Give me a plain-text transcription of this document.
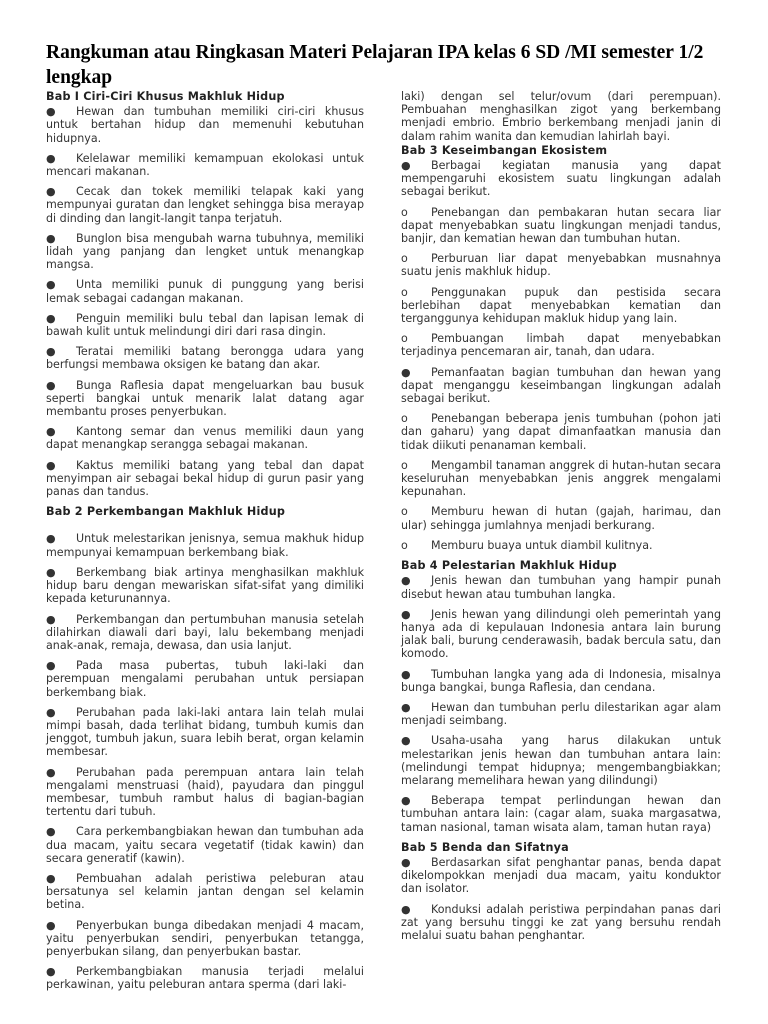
Rangkuman atau Ringkasan Materi Pelajaran IPA kelas 6 SD /MI semester 1/2 lengkap
Bab I Ciri-Ciri Khusus Makhluk Hidup
● Hewan dan tumbuhan memiliki ciri-ciri khusus untuk bertahan hidup dan memenuhi kebutuhan hidupnya.
● Kelelawar memiliki kemampuan ekolokasi untuk mencari makanan.
● Cecak dan tokek memiliki telapak kaki yang mempunyai guratan dan lengket sehingga bisa merayap di dinding dan langit-langit tanpa terjatuh.
● Bunglon bisa mengubah warna tubuhnya, memiliki lidah yang panjang dan lengket untuk menangkap mangsa.
● Unta memiliki punuk di punggung yang berisi lemak sebagai cadangan makanan.
● Penguin memiliki bulu tebal dan lapisan lemak di bawah kulit untuk melindungi diri dari rasa dingin.
● Teratai memiliki batang berongga udara yang berfungsi membawa oksigen ke batang dan akar.
● Bunga Raflesia dapat mengeluarkan bau busuk seperti bangkai untuk menarik lalat datang agar membantu proses penyerbukan.
● Kantong semar dan venus memiliki daun yang dapat menangkap serangga sebagai makanan.
● Kaktus memiliki batang yang tebal dan dapat menyimpan air sebagai bekal hidup di gurun pasir yang panas dan tandus.
Bab 2 Perkembangan Makhluk Hidup
● Untuk melestarikan jenisnya, semua makhuk hidup mempunyai kemampuan berkembang biak.
● Berkembang biak artinya menghasilkan makhluk hidup baru dengan mewariskan sifat-sifat yang dimiliki kepada keturunannya.
● Perkembangan dan pertumbuhan manusia setelah dilahirkan diawali dari bayi, lalu bekembang menjadi anak-anak, remaja, dewasa, dan usia lanjut.
● Pada masa pubertas, tubuh laki-laki dan perempuan mengalami perubahan untuk persiapan berkembang biak.
● Perubahan pada laki-laki antara lain telah mulai mimpi basah, dada terlihat bidang, tumbuh kumis dan jenggot, tumbuh jakun, suara lebih berat, organ kelamin membesar.
● Perubahan pada perempuan antara lain telah mengalami menstruasi (haid), payudara dan pinggul membesar, tumbuh rambut halus di bagian-bagian tertentu dari tubuh.
● Cara perkembangbiakan hewan dan tumbuhan ada dua macam, yaitu secara vegetatif (tidak kawin) dan secara generatif (kawin).
● Pembuahan adalah peristiwa peleburan atau bersatunya sel kelamin jantan dengan sel kelamin betina.
● Penyerbukan bunga dibedakan menjadi 4 macam, yaitu penyerbukan sendiri, penyerbukan tetangga, penyerbukan silang, dan penyerbukan bastar.
● Perkembangbiakan manusia terjadi melalui perkawinan, yaitu peleburan antara sperma (dari laki-
laki) dengan sel telur/ovum (dari perempuan). Pembuahan menghasilkan zigot yang berkembang menjadi embrio. Embrio berkembang menjadi janin di dalam rahim wanita dan kemudian lahirlah bayi.
Bab 3 Keseimbangan Ekosistem
● Berbagai kegiatan manusia yang dapat mempengaruhi ekosistem suatu lingkungan adalah sebagai berikut.
o Penebangan dan pembakaran hutan secara liar dapat menyebabkan suatu lingkungan menjadi tandus, banjir, dan kematian hewan dan tumbuhan hutan.
o Perburuan liar dapat menyebabkan musnahnya suatu jenis makhluk hidup.
o Penggunakan pupuk dan pestisida secara berlebihan dapat menyebabkan kematian dan terganggunya kehidupan makluk hidup yang lain.
o Pembuangan limbah dapat menyebabkan terjadinya pencemaran air, tanah, dan udara.
● Pemanfaatan bagian tumbuhan dan hewan yang dapat menganggu keseimbangan lingkungan adalah sebagai berikut.
o Penebangan beberapa jenis tumbuhan (pohon jati dan gaharu) yang dapat dimanfaatkan manusia dan tidak diikuti penanaman kembali.
o Mengambil tanaman anggrek di hutan-hutan secara keseluruhan menyebabkan jenis anggrek mengalami kepunahan.
o Memburu hewan di hutan (gajah, harimau, dan ular) sehingga jumlahnya menjadi berkurang.
o Memburu buaya untuk diambil kulitnya.
Bab 4 Pelestarian Makhluk Hidup
● Jenis hewan dan tumbuhan yang hampir punah disebut hewan atau tumbuhan langka.
● Jenis hewan yang dilindungi oleh pemerintah yang hanya ada di kepulauan Indonesia antara lain burung jalak bali, burung cenderawasih, badak bercula satu, dan komodo.
● Tumbuhan langka yang ada di Indonesia, misalnya bunga bangkai, bunga Raflesia, dan cendana.
● Hewan dan tumbuhan perlu dilestarikan agar alam menjadi seimbang.
● Usaha-usaha yang harus dilakukan untuk melestarikan jenis hewan dan tumbuhan antara lain: (melindungi tempat hidupnya; mengembangbiakkan; melarang memelihara hewan yang dilindungi)
● Beberapa tempat perlindungan hewan dan tumbuhan antara lain: (cagar alam, suaka margasatwa, taman nasional, taman wisata alam, taman hutan raya)
Bab 5 Benda dan Sifatnya
● Berdasarkan sifat penghantar panas, benda dapat dikelompokkan menjadi dua macam, yaitu konduktor dan isolator.
● Konduksi adalah peristiwa perpindahan panas dari zat yang bersuhu tinggi ke zat yang bersuhu rendah melalui suatu bahan penghantar.
